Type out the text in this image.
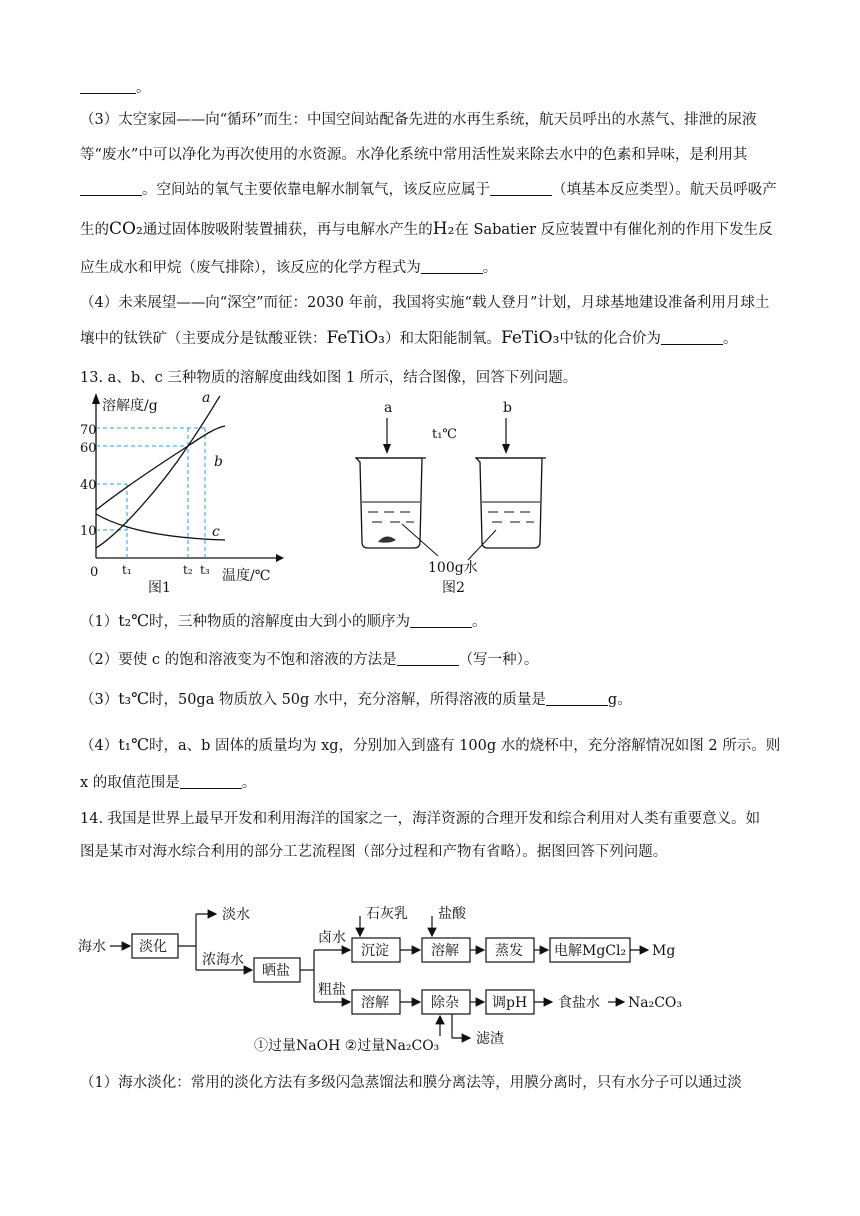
。
（3）太空家园——向“循环”而生：中国空间站配备先进的水再生系统，航天员呼出的水蒸气、排泄的尿液
等“废水”中可以净化为再次使用的水资源。水净化系统中常用活性炭来除去水中的色素和异味，是利用其
。空间站的氧气主要依靠电解水制氧气，该反应应属于	（填基本反应类型）。航天员呼吸产
生的CO₂通过固体胺吸附装置捕获，再与电解水产生的H₂在 Sabatier 反应装置中有催化剂的作用下发生反
应生成水和甲烷（废气排除），该反应的化学方程式为	。
（4）未来展望——向“深空”而征：2030 年前，我国将实施“载人登月”计划，月球基地建设准备利用月球土
壤中的钛铁矿（主要成分是钛酸亚铁：FeTiO₃）和太阳能制氧。FeTiO₃中钛的化合价为	。
13. a、b、c 三种物质的溶解度曲线如图 1 所示，结合图像，回答下列问题。
溶解度/g	a
b
c
70
60
40
10
0 t₁	t₂ t₃
图1
温度/℃
a	b
t₁℃
100g水
图2
（1）t₂℃时，三种物质的溶解度由大到小的顺序为	。
（2）要使 c 的饱和溶液变为不饱和溶液的方法是	（写一种）。
（3）t₃℃时，50ga 物质放入 50g 水中，充分溶解，所得溶液的质量是	g。
（4）t₁℃时，a、b 固体的质量均为 xg，分别加入到盛有 100g 水的烧杯中，充分溶解情况如图 2 所示。则
x 的取值范围是	。
14. 我国是世界上最早开发和利用海洋的国家之一，海洋资源的合理开发和综合利用对人类有重要意义。如
图是某市对海水综合利用的部分工艺流程图（部分过程和产物有省略）。据图回答下列问题。
海水 淡化
淡水
浓海水
晒盐
卤水
石灰乳 盐酸
沉淀	溶解	蒸发 电解MgCl₂ Mg
粗盐
溶解	除杂 调pH 食盐水 Na₂CO₃
①过量NaOH ②过量Na₂CO₃	滤渣
（1）海水淡化：常用的淡化方法有多级闪急蒸馏法和膜分离法等，用膜分离时，只有水分子可以通过淡
